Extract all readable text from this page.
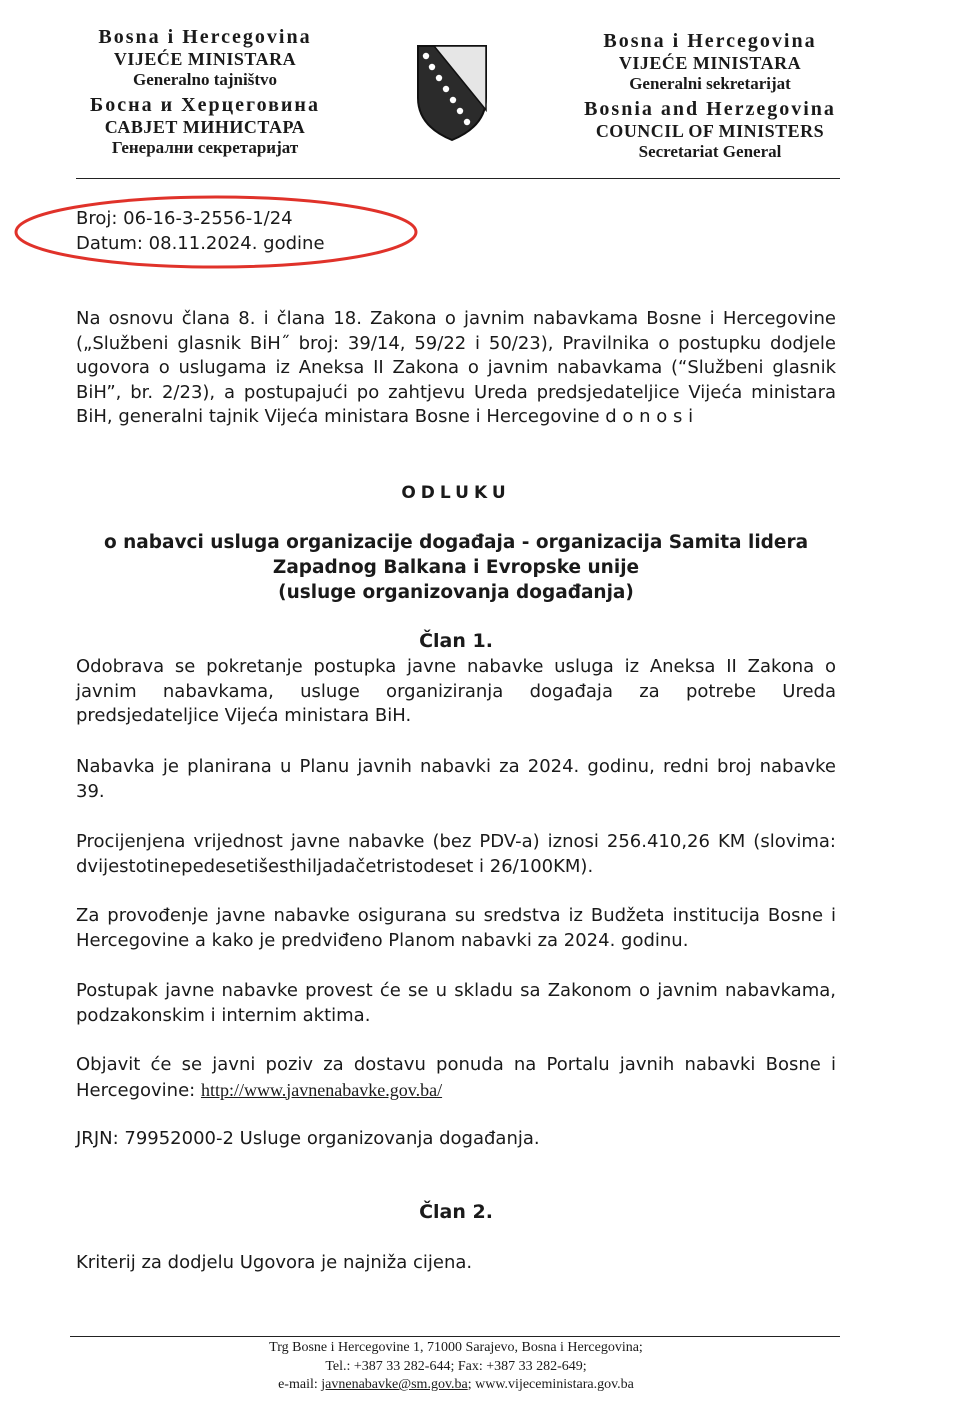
Bosna i Hercegovina
VIJEĆE MINISTARA
Generalno tajništvo
Босна и Херцеговина
САВЈЕТ МИНИСТАРА
Генерални секретаријат
Bosna i Hercegovina
VIJEĆE MINISTARA
Generalni sekretarijat
Bosnia and Herzegovina
COUNCIL OF MINISTERS
Secretariat General
Broj: 06-16-3-2556-1/24
Datum: 08.11.2024. godine

Na osnovu člana 8. i člana 18. Zakona o javnim nabavkama Bosne i Hercegovine („Službeni glasnik BiH˝ broj: 39/14, 59/22 i 50/23), Pravilnika o postupku dodjele ugovora o uslugama iz Aneksa II Zakona o javnim nabavkama (“Službeni glasnik BiH”, br. 2/23), a postupajući po zahtjevu Ureda predsjedateljice Vijeća ministara BiH, generalni tajnik Vijeća ministara Bosne i Hercegovine d o n o s i

ODLUKU

o nabavci usluga organizacije događaja - organizacija Samita lidera
Zapadnog Balkana i Evropske unije
(usluge organizovanja događanja)

Član 1.

Odobrava se pokretanje postupka javne nabavke usluga iz Aneksa II Zakona o javnim nabavkama, usluge organiziranja događaja za potrebe Ureda predsjedateljice Vijeća ministara BiH.

Nabavka je planirana u Planu javnih nabavki za 2024. godinu, redni broj nabavke 39.

Procijenjena vrijednost javne nabavke (bez PDV-a) iznosi 256.410,26 KM (slovima: dvijestotinepedesetišesthiljadačetristodeset i 26/100KM).

Za provođenje javne nabavke osigurana su sredstva iz Budžeta institucija Bosne i Hercegovine a kako je predviđeno Planom nabavki za 2024. godinu.

Postupak javne nabavke provest će se u skladu sa Zakonom o javnim nabavkama, podzakonskim i internim aktima.

Objavit će se javni poziv za dostavu ponuda na Portalu javnih nabavki Bosne i Hercegovine: http://www.javnenabavke.gov.ba/

JRJN: 79952000-2 Usluge organizovanja događanja.

Član 2.

Kriterij za dodjelu Ugovora je najniža cijena.

Trg Bosne i Hercegovine 1, 71000 Sarajevo, Bosna i Hercegovina;
Tel.: +387 33 282-644; Fax: +387 33 282-649;
e-mail: javnenabavke@sm.gov.ba; www.vijeceministara.gov.ba
